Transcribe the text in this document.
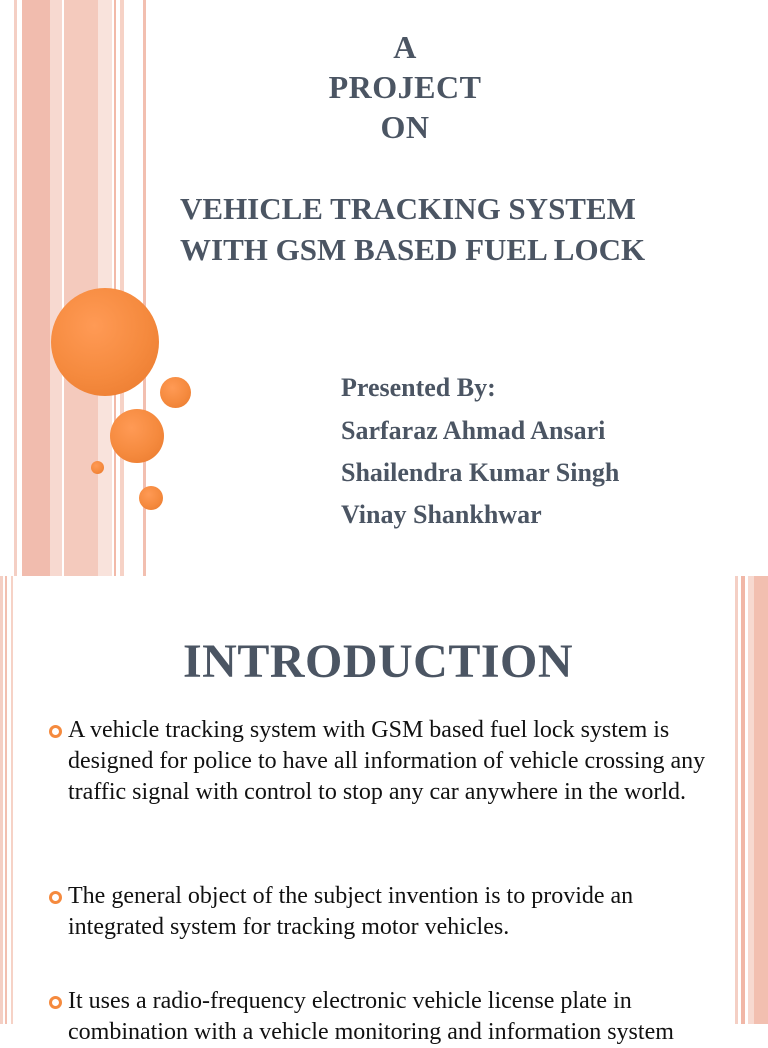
A
PROJECT
ON
VEHICLE TRACKING SYSTEM
WITH GSM BASED FUEL LOCK
Presented By:
Sarfaraz Ahmad Ansari
Shailendra Kumar Singh
Vinay Shankhwar
INTRODUCTION
A vehicle tracking system with GSM based fuel lock system is designed for police to have all information of vehicle crossing any traffic signal with control to stop any car anywhere in the world.
The general object of the subject invention is to provide an integrated system for tracking motor vehicles.
It uses a radio-frequency electronic vehicle license plate in combination with a vehicle monitoring and information system
